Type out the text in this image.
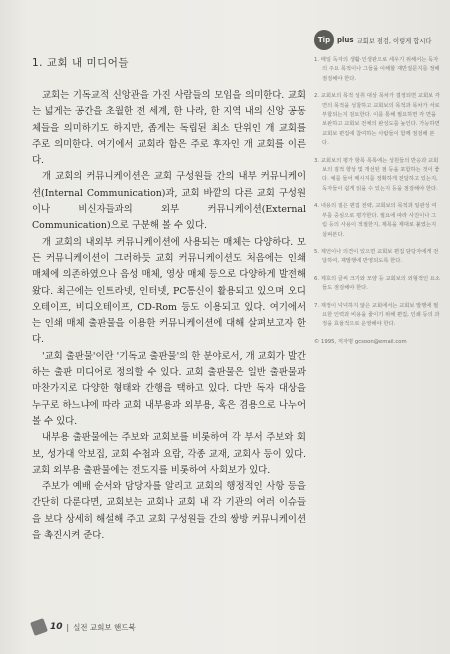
1. 교회 내 미디어들

교회는 기독교적 신앙관을 가진 사람들의 모임을 의미한다. 교회는 넓게는 공간을 초월한 전 세계, 한 나라, 한 지역 내의 신앙 공동체들을 의미하기도 하지만, 좁게는 독립된 최소 단위인 개 교회를 주로 의미한다. 여기에서 교회라 함은 주로 후자인 개 교회를 이른다.

개 교회의 커뮤니케이션은 교회 구성원들 간의 내부 커뮤니케이션(Internal Communication)과, 교회 바깥의 다른 교회 구성원이나 비신자들과의 외부 커뮤니케이션(External Communication)으로 구분해 볼 수 있다.

개 교회의 내외부 커뮤니케이션에 사용되는 매체는 다양하다. 모든 커뮤니케이션이 그러하듯 교회 커뮤니케이션도 처음에는 인쇄 매체에 의존하였으나 음성 매체, 영상 매체 등으로 다양하게 발전해왔다. 최근에는 인트라넷, 인터넷, PC통신이 활용되고 있으며 오디오테이프, 비디오테이프, CD-Rom 등도 이용되고 있다. 여기에서는 인쇄 매체 출판물을 이용한 커뮤니케이션에 대해 살펴보고자 한다.

'교회 출판물'이란 '기독교 출판물'의 한 분야로서, 개 교회가 발간하는 출판 미디어로 정의할 수 있다. 교회 출판물은 일반 출판물과 마찬가지로 다양한 형태와 간행을 택하고 있다. 다만 독자 대상을 누구로 하느냐에 따라 교회 내부용과 외부용, 혹은 겸용으로 나누어 볼 수 있다.

내부용 출판물에는 주보와 교회보를 비롯하여 각 부서 주보와 회보, 성가대 악보집, 교회 수첩과 요람, 각종 교재, 교회사 등이 있다. 교회 외부용 출판물에는 전도지를 비롯하여 사회보가 있다.

주보가 예배 순서와 담당자를 알리고 교회의 행정적인 사항 등을 간단히 다룬다면, 교회보는 교회나 교회 내 각 기관의 여러 이슈들을 보다 상세히 해설해 주고 교회 구성원들 간의 쌍방 커뮤니케이션을 촉진시켜 준다.

Tip plus 교회보 점검, 이렇게 합시다
1. 매일 독자의 생활·인생관으로 세우기 위해서는 독자의 주요 목적이나 그들을 이해할 재반질문지를 정해 점검해야 한다.
2. 교회보의 목적 성취 대상 목차가 결정되면 교회보 각 면의 목적을 성찰하고 교회보의 목적과 목차가 서로 부합되는지 검토한다. 이를 통해 필요하면 각 면을 보완하고 교회보 전체의 완성도를 높인다. 가능하면 교회보 편집에 참여하는 사람들이 함께 점검해 본다.
3. 교회보의 평가 항목 목록에는 성원들의 반응과 교회보의 질적 향상 및 개선된 점 등을 포함하는 것이 좋다. 예를 들어 메시지를 정확하게 전달하고 있는지, 독자들이 쉽게 읽을 수 있는지 등을 점검해야 한다.
4. 내용의 질은 편집 전략, 교회보의 목적과 일관성 여부를 중심으로 평가한다. 필요에 따라 사진이나 그림 등의 사용이 적절한지, 제목을 제대로 붙였는지 살펴본다.
5. 제언이나 의견이 있으면 교회보 편집 담당자에게 전달하여, 재발행에 반영되도록 한다.
6. 제호의 글씨 크기와 모양 등 교회보의 외형적인 요소들도 점검해야 한다.
7. 재정이 넉넉하지 않은 교회에서는 교회보 발행에 필요한 인력과 비용을 줄이기 위해 편집, 인쇄 등의 과정을 효율적으로 운영해야 한다.
© 1995, 저자명 gcsoon@email.com
10 | 실전 교회보 핸드북
